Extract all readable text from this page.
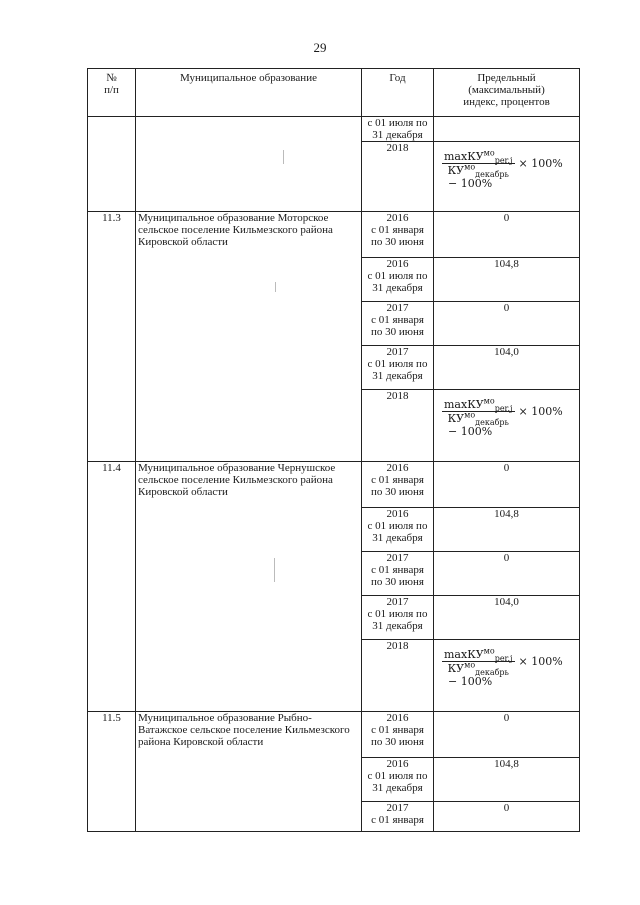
29
№
п/п	Муниципальное образование	Год	Предельный
(максимальный)
индекс, процентов
		с 01 июля по
31 декабря	
		2018	$\frac{\max КУ^{мо}_{per.j}}{КУ^{мо}_{декабрь}} \times 100\%$
− 100%

11.3	Муниципальное образование Моторское сельское поселение Кильмезского района Кировской области	2016
с 01 января
по 30 июня	0
		2016
с 01 июля по
31 декабря	104,8
		2017
с 01 января
по 30 июня	0
		2017
с 01 июля по
31 декабря	104,0
		2018	$\frac{\max КУ^{мо}_{per.j}}{КУ^{мо}_{декабрь}} \times 100\%$
− 100%

11.4	Муниципальное образование Чернушское сельское поселение Кильмезского района Кировской области	2016
с 01 января
по 30 июня	0
		2016
с 01 июля по
31 декабря	104,8
		2017
с 01 января
по 30 июня	0
		2017
с 01 июля по
31 декабря	104,0
		2018	$\frac{\max КУ^{мо}_{per.j}}{КУ^{мо}_{декабрь}} \times 100\%$
− 100%

11.5	Муниципальное образование Рыбно-Ватажское сельское поселение Кильмезского района Кировской области	2016
с 01 января
по 30 июня	0
		2016
с 01 июля по
31 декабря	104,8
		2017
с 01 января	0
